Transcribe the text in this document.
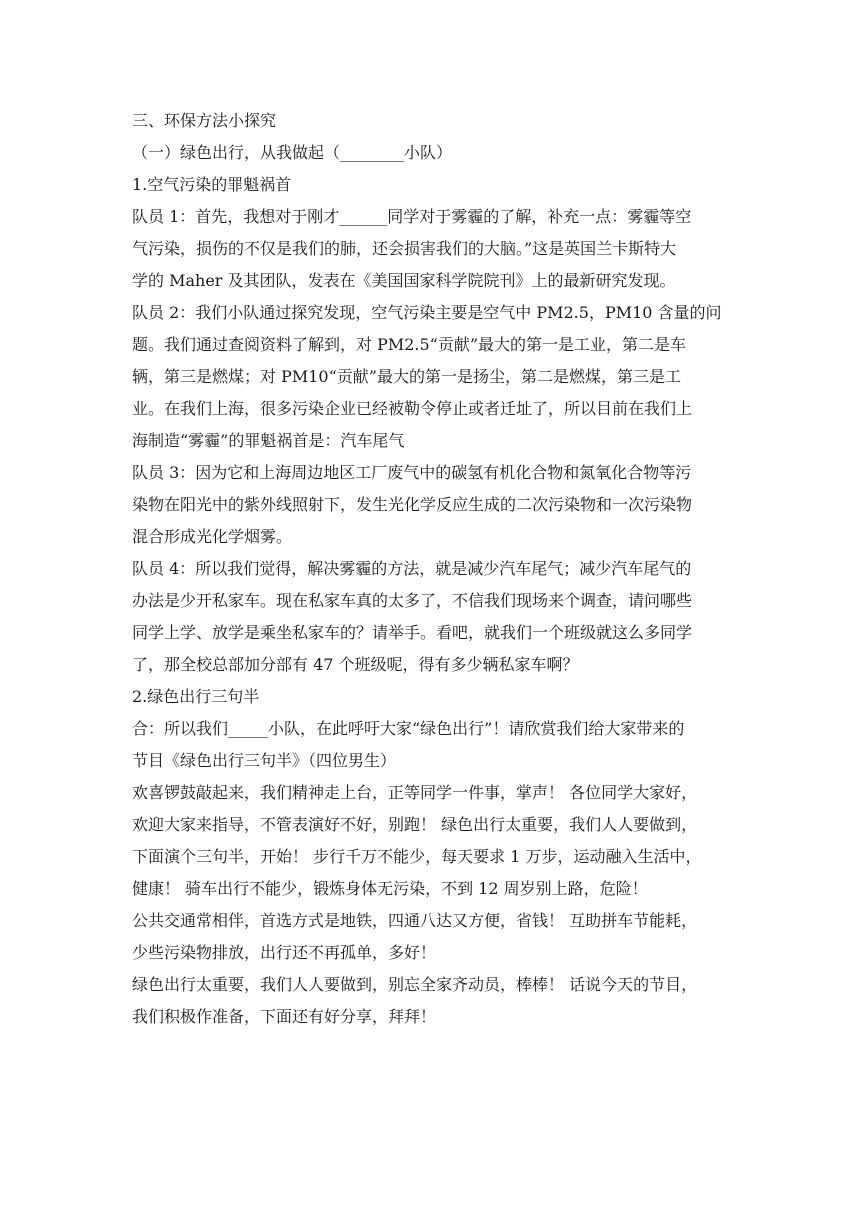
三、环保方法小探究

（一）绿色出行，从我做起（________小队）

1.空气污染的罪魁祸首

队员 1：首先，我想对于刚才______同学对于雾霾的了解，补充一点：雾霾等空

气污染，损伤的不仅是我们的肺，还会损害我们的大脑。”这是英国兰卡斯特大

学的 Maher 及其团队，发表在《美国国家科学院院刊》上的最新研究发现。

队员 2：我们小队通过探究发现，空气污染主要是空气中 PM2.5，PM10 含量的问

题。我们通过查阅资料了解到，对 PM2.5“贡献”最大的第一是工业，第二是车

辆，第三是燃煤；对 PM10“贡献”最大的第一是扬尘，第二是燃煤，第三是工

业。在我们上海，很多污染企业已经被勒令停止或者迁址了，所以目前在我们上

海制造“雾霾”的罪魁祸首是：汽车尾气

队员 3：因为它和上海周边地区工厂废气中的碳氢有机化合物和氮氧化合物等污

染物在阳光中的紫外线照射下，发生光化学反应生成的二次污染物和一次污染物

混合形成光化学烟雾。

队员 4：所以我们觉得，解决雾霾的方法，就是减少汽车尾气；减少汽车尾气的

办法是少开私家车。现在私家车真的太多了，不信我们现场来个调查，请问哪些

同学上学、放学是乘坐私家车的？请举手。看吧，就我们一个班级就这么多同学

了，那全校总部加分部有 47 个班级呢，得有多少辆私家车啊？

2.绿色出行三句半

合：所以我们_____小队，在此呼吁大家“绿色出行”！请欣赏我们给大家带来的

节目《绿色出行三句半》（四位男生）

欢喜锣鼓敲起来，我们精神走上台，正等同学一件事，掌声！ 各位同学大家好，

欢迎大家来指导，不管表演好不好，别跑！ 绿色出行太重要，我们人人要做到，

下面演个三句半，开始！ 步行千万不能少，每天要求 1 万步，运动融入生活中，

健康！ 骑车出行不能少，锻炼身体无污染，不到 12 周岁别上路，危险！

公共交通常相伴，首选方式是地铁，四通八达又方便，省钱！ 互助拼车节能耗，

少些污染物排放，出行还不再孤单，多好！

绿色出行太重要，我们人人要做到，别忘全家齐动员，棒棒！ 话说今天的节目，

我们积极作准备，下面还有好分享，拜拜！
